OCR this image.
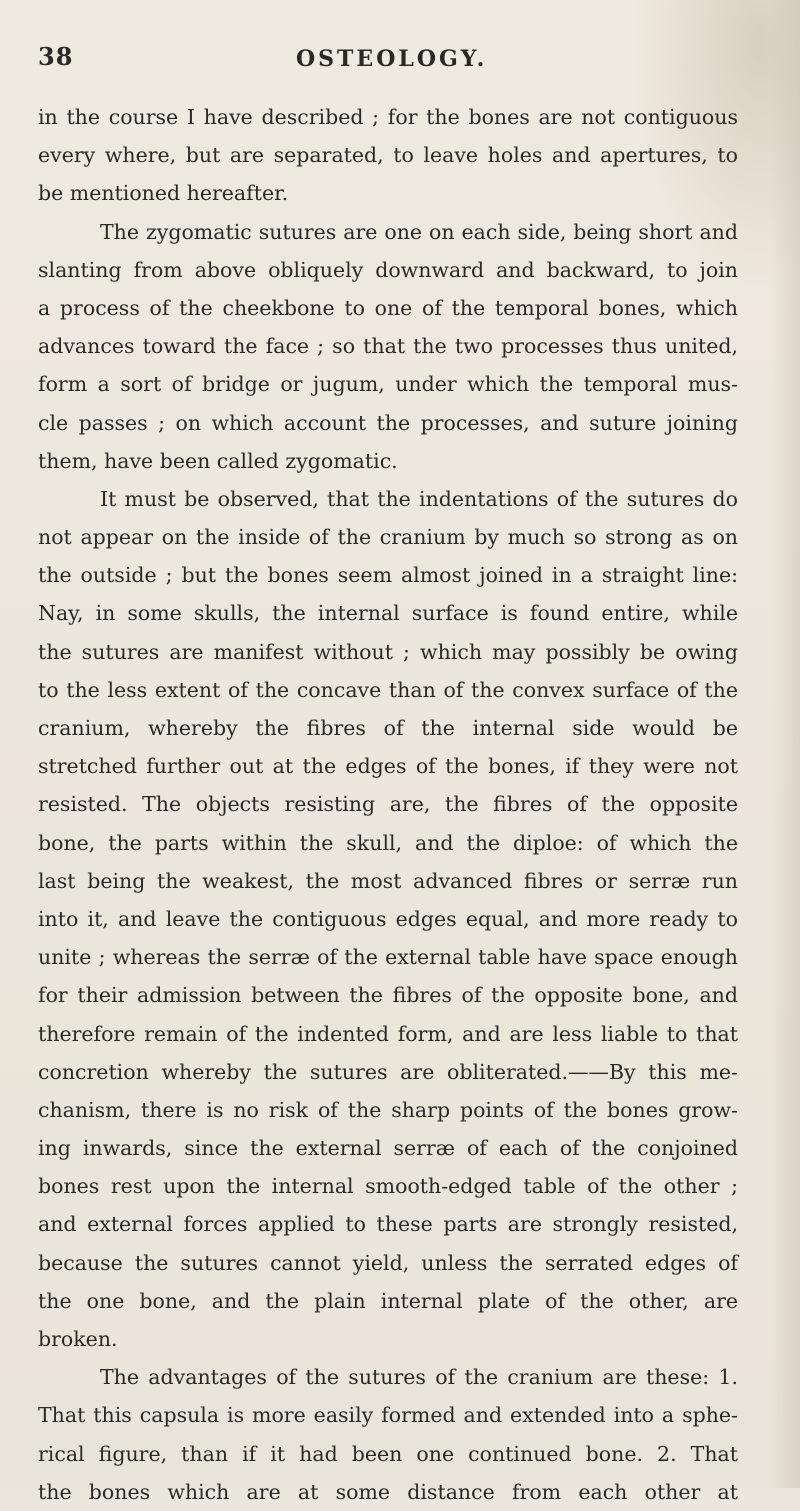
38	OSTEOLOGY.
in the course I have described ; for the bones are not contiguous
every where, but are separated, to leave holes and apertures, to
be mentioned hereafter.
The zygomatic sutures are one on each side, being short and
slanting from above obliquely downward and backward, to join
a process of the cheekbone to one of the temporal bones, which
advances toward the face ; so that the two processes thus united,
form a sort of bridge or jugum, under which the temporal mus-
cle passes ; on which account the processes, and suture joining
them, have been called zygomatic.
It must be observed, that the indentations of the sutures do
not appear on the inside of the cranium by much so strong as on
the outside ; but the bones seem almost joined in a straight line:
Nay, in some skulls, the internal surface is found entire, while
the sutures are manifest without ; which may possibly be owing
to the less extent of the concave than of the convex surface of the
cranium, whereby the fibres of the internal side would be
stretched further out at the edges of the bones, if they were not
resisted. The objects resisting are, the fibres of the opposite
bone, the parts within the skull, and the diploe: of which the
last being the weakest, the most advanced fibres or serræ run
into it, and leave the contiguous edges equal, and more ready to
unite ; whereas the serræ of the external table have space enough
for their admission between the fibres of the opposite bone, and
therefore remain of the indented form, and are less liable to that
concretion whereby the sutures are obliterated.——By this me-
chanism, there is no risk of the sharp points of the bones grow-
ing inwards, since the external serræ of each of the conjoined
bones rest upon the internal smooth-edged table of the other ;
and external forces applied to these parts are strongly resisted,
because the sutures cannot yield, unless the serrated edges of
the one bone, and the plain internal plate of the other, are
broken.
The advantages of the sutures of the cranium are these: 1.
That this capsula is more easily formed and extended into a sphe-
rical figure, than if it had been one continued bone. 2. That
the bones which are at some distance from each other at
